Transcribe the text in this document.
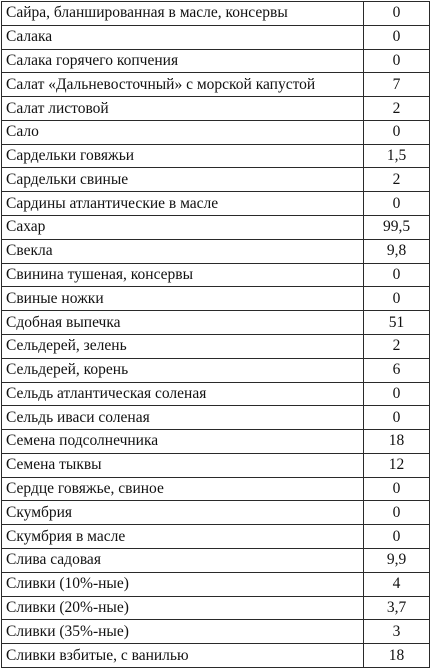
Сайра, бланшированная в масле, консервы	0
Салака	0
Салака горячего копчения	0
Салат «Дальневосточный» с морской капустой	7
Салат листовой	2
Сало	0
Сардельки говяжьи	1,5
Сардельки свиные	2
Сардины атлантические в масле	0
Сахар	99,5
Свекла	9,8
Свинина тушеная, консервы	0
Свиные ножки	0
Сдобная выпечка	51
Сельдерей, зелень	2
Сельдерей, корень	6
Сельдь атлантическая соленая	0
Сельдь иваси соленая	0
Семена подсолнечника	18
Семена тыквы	12
Сердце говяжье, свиное	0
Скумбрия	0
Скумбрия в масле	0
Слива садовая	9,9
Сливки (10%-ные)	4
Сливки (20%-ные)	3,7
Сливки (35%-ные)	3
Сливки взбитые, с ванилью	18
